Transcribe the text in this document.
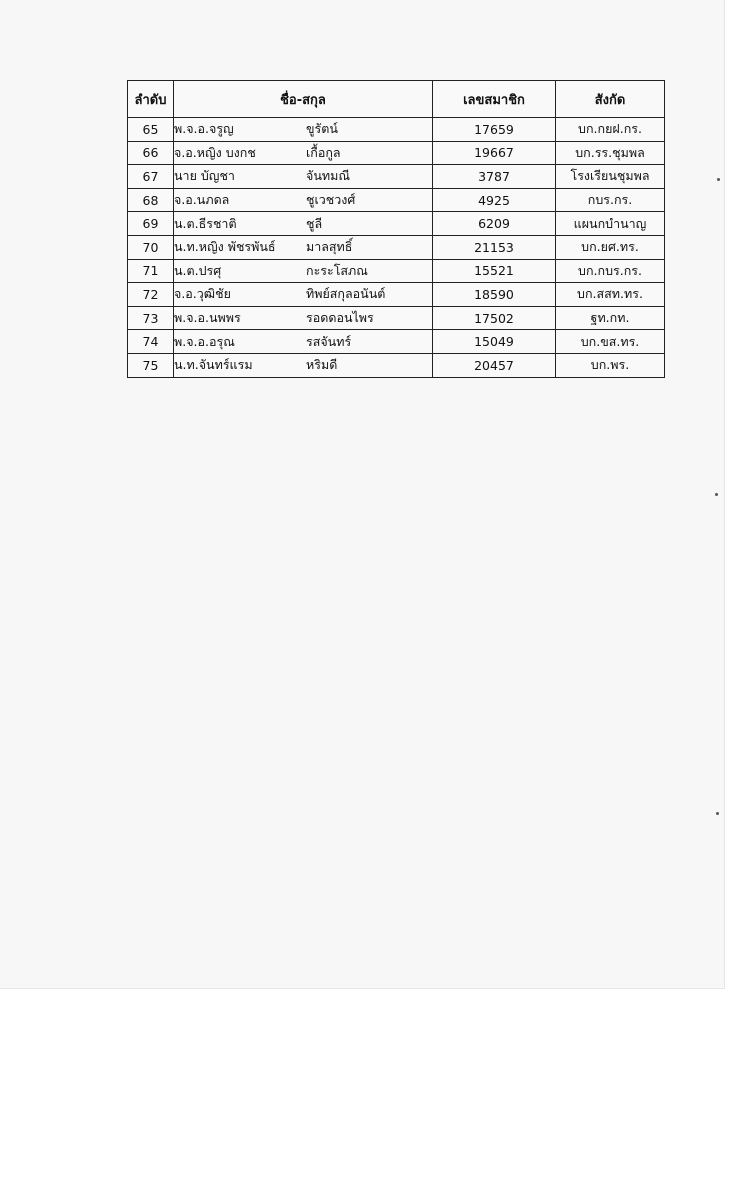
ลำดับ	ชื่อ-สกุล	เลขสมาชิก	สังกัด
65	พ.จ.อ.จรูญ ขูรัตน์	17659	บก.กยฝ.กร.
66	จ.อ.หญิง บงกช เกื้อกูล	19667	บก.รร.ชุมพล
67	นาย บัญชา จันทมณี	3787	โรงเรียนชุมพล
68	จ.อ.นภดล ชูเวชวงศ์	4925	กบร.กร.
69	น.ต.ธีรชาติ ชูลี	6209	แผนกบำนาญ
70	น.ท.หญิง พัชรพันธ์ มาลสุทธิ์	21153	บก.ยศ.ทร.
71	น.ต.ปรศุ กะระโสภณ	15521	บก.กบร.กร.
72	จ.อ.วุฒิชัย ทิพย์สกุลอนันต์	18590	บก.สสท.ทร.
73	พ.จ.อ.นพพร รอดดอนไพร	17502	ฐท.กท.
74	พ.จ.อ.อรุณ รสจันทร์	15049	บก.ขส.ทร.
75	น.ท.จันทร์แรม หริมดี	20457	บก.พร.
